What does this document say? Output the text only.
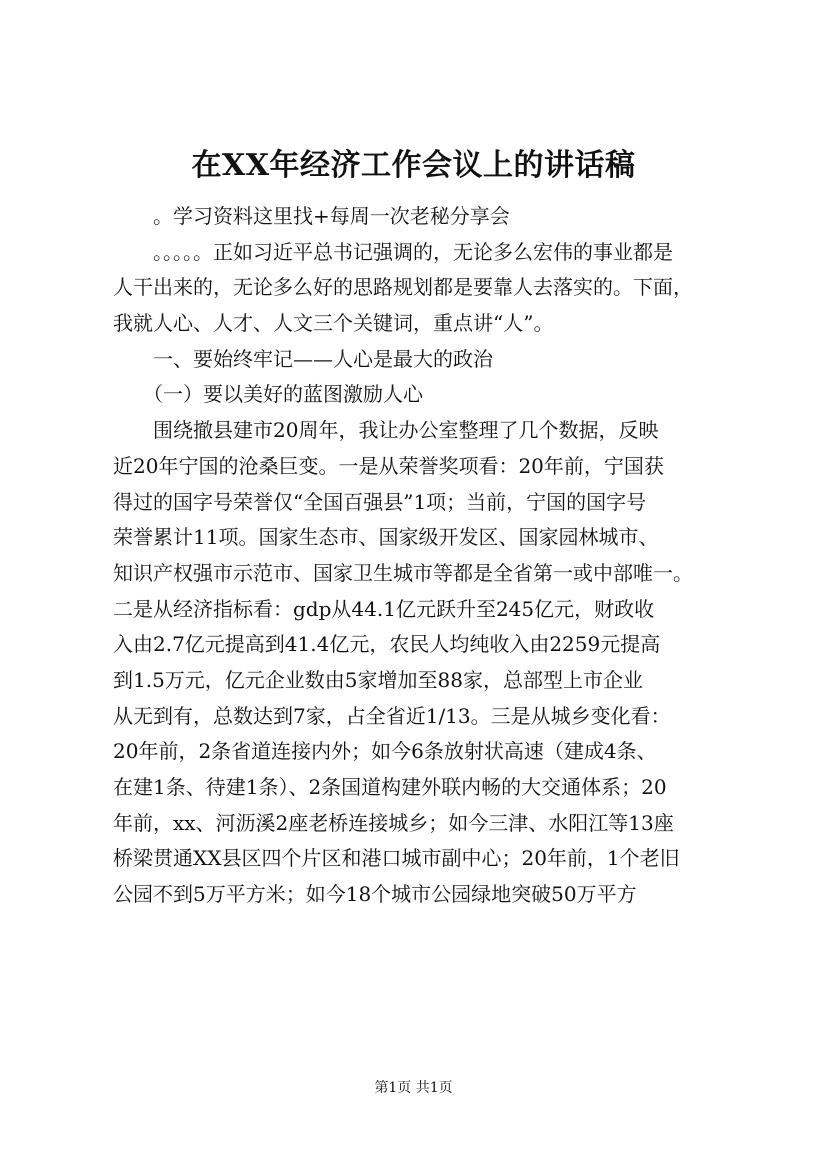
在XX年经济工作会议上的讲话稿
。学习资料这里找+每周一次老秘分享会
。。。。。正如习近平总书记强调的，无论多么宏伟的事业都是
人干出来的，无论多么好的思路规划都是要靠人去落实的。下面，
我就人心、人才、人文三个关键词，重点讲“人”。
一、要始终牢记——人心是最大的政治
（一）要以美好的蓝图激励人心
围绕撤县建市20周年，我让办公室整理了几个数据，反映
近20年宁国的沧桑巨变。一是从荣誉奖项看：20年前，宁国获
得过的国字号荣誉仅“全国百强县”1项；当前，宁国的国字号
荣誉累计11项。国家生态市、国家级开发区、国家园林城市、
知识产权强市示范市、国家卫生城市等都是全省第一或中部唯一。
二是从经济指标看：gdp从44.1亿元跃升至245亿元，财政收
入由2.7亿元提高到41.4亿元，农民人均纯收入由2259元提高
到1.5万元，亿元企业数由5家增加至88家，总部型上市企业
从无到有，总数达到7家，占全省近1/13。三是从城乡变化看：
20年前，2条省道连接内外；如今6条放射状高速（建成4条、
在建1条、待建1条）、2条国道构建外联内畅的大交通体系；20
年前，xx、河沥溪2座老桥连接城乡；如今三津、水阳江等13座
桥梁贯通XX县区四个片区和港口城市副中心；20年前，1个老旧
公园不到5万平方米；如今18个城市公园绿地突破50万平方
第1页 共1页
